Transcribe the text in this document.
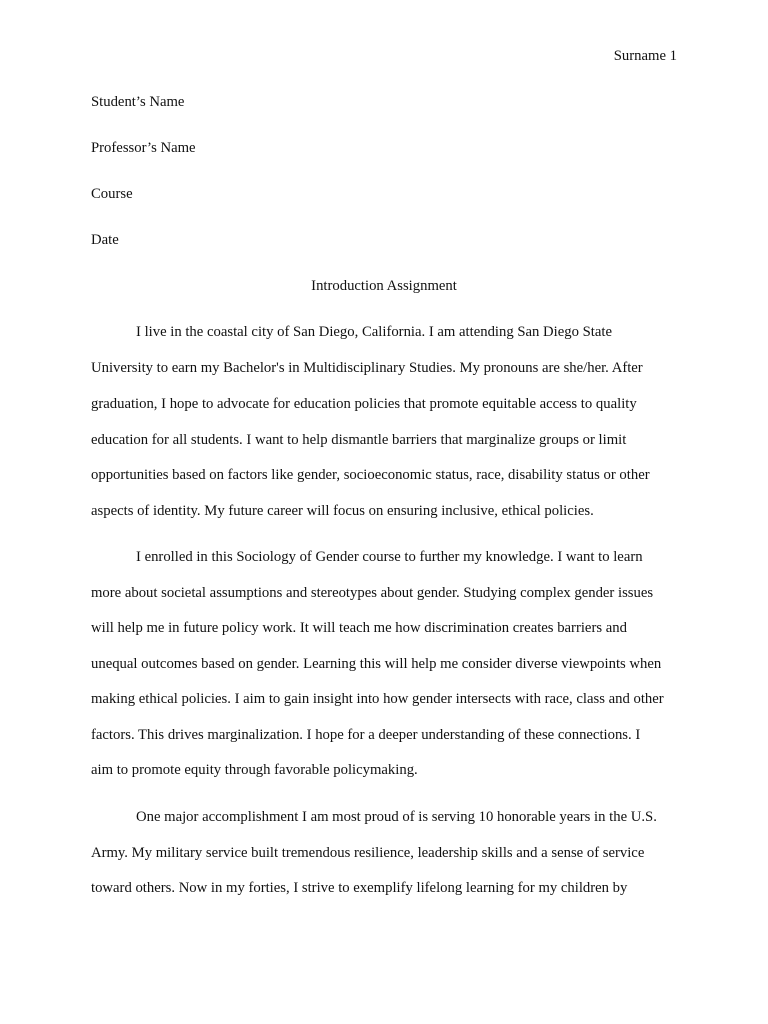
Surname 1
Student’s Name
Professor’s Name
Course
Date
Introduction Assignment
I live in the coastal city of San Diego, California. I am attending San Diego State
University to earn my Bachelor's in Multidisciplinary Studies. My pronouns are she/her. After
graduation, I hope to advocate for education policies that promote equitable access to quality
education for all students. I want to help dismantle barriers that marginalize groups or limit
opportunities based on factors like gender, socioeconomic status, race, disability status or other
aspects of identity. My future career will focus on ensuring inclusive, ethical policies.
I enrolled in this Sociology of Gender course to further my knowledge. I want to learn
more about societal assumptions and stereotypes about gender. Studying complex gender issues
will help me in future policy work. It will teach me how discrimination creates barriers and
unequal outcomes based on gender. Learning this will help me consider diverse viewpoints when
making ethical policies. I aim to gain insight into how gender intersects with race, class and other
factors. This drives marginalization. I hope for a deeper understanding of these connections. I
aim to promote equity through favorable policymaking.
One major accomplishment I am most proud of is serving 10 honorable years in the U.S.
Army. My military service built tremendous resilience, leadership skills and a sense of service
toward others. Now in my forties, I strive to exemplify lifelong learning for my children by
